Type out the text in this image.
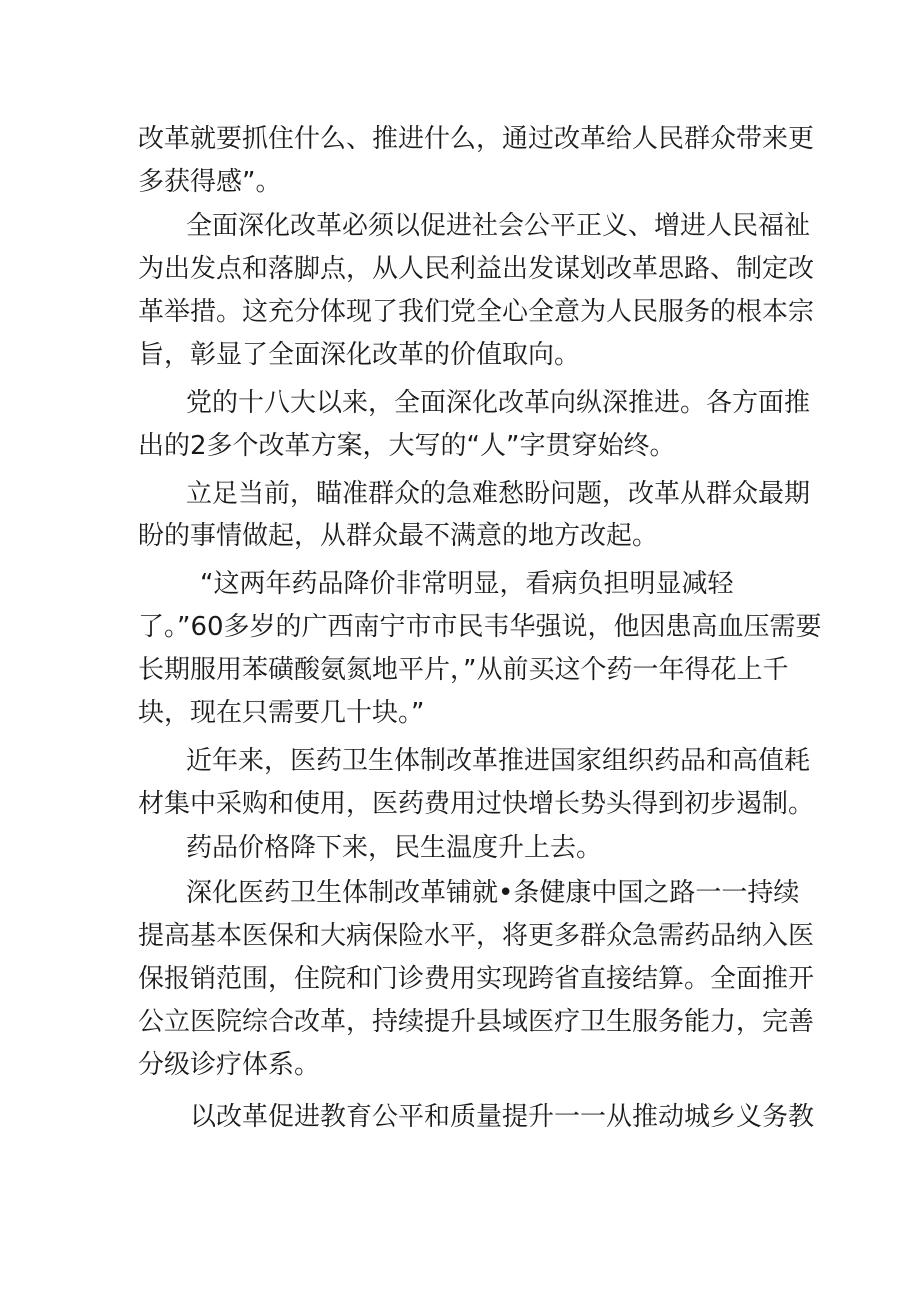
改革就要抓住什么、推进什么，通过改革给人民群众带来更
多获得感”。
全面深化改革必须以促进社会公平正义、增进人民福祉
为出发点和落脚点，从人民利益出发谋划改革思路、制定改
革举措。这充分体现了我们党全心全意为人民服务的根本宗
旨，彰显了全面深化改革的价值取向。
党的十八大以来，全面深化改革向纵深推进。各方面推
出的2多个改革方案，大写的“人”字贯穿始终。
立足当前，瞄准群众的急难愁盼问题，改革从群众最期
盼的事情做起，从群众最不满意的地方改起。
“这两年药品降价非常明显，看病负担明显减轻
了。”60多岁的广西南宁市市民韦华强说，他因患高血压需要
长期服用苯磺酸氨氮地平片，”从前买这个药一年得花上千
块，现在只需要几十块。”
近年来，医药卫生体制改革推进国家组织药品和高值耗
材集中采购和使用，医药费用过快增长势头得到初步遏制。
药品价格降下来，民生温度升上去。
深化医药卫生体制改革铺就•条健康中国之路一一持续
提高基本医保和大病保险水平，将更多群众急需药品纳入医
保报销范围，住院和门诊费用实现跨省直接结算。全面推开
公立医院综合改革，持续提升县域医疗卫生服务能力，完善
分级诊疗体系。
以改革促进教育公平和质量提升一一从推动城乡义务教
